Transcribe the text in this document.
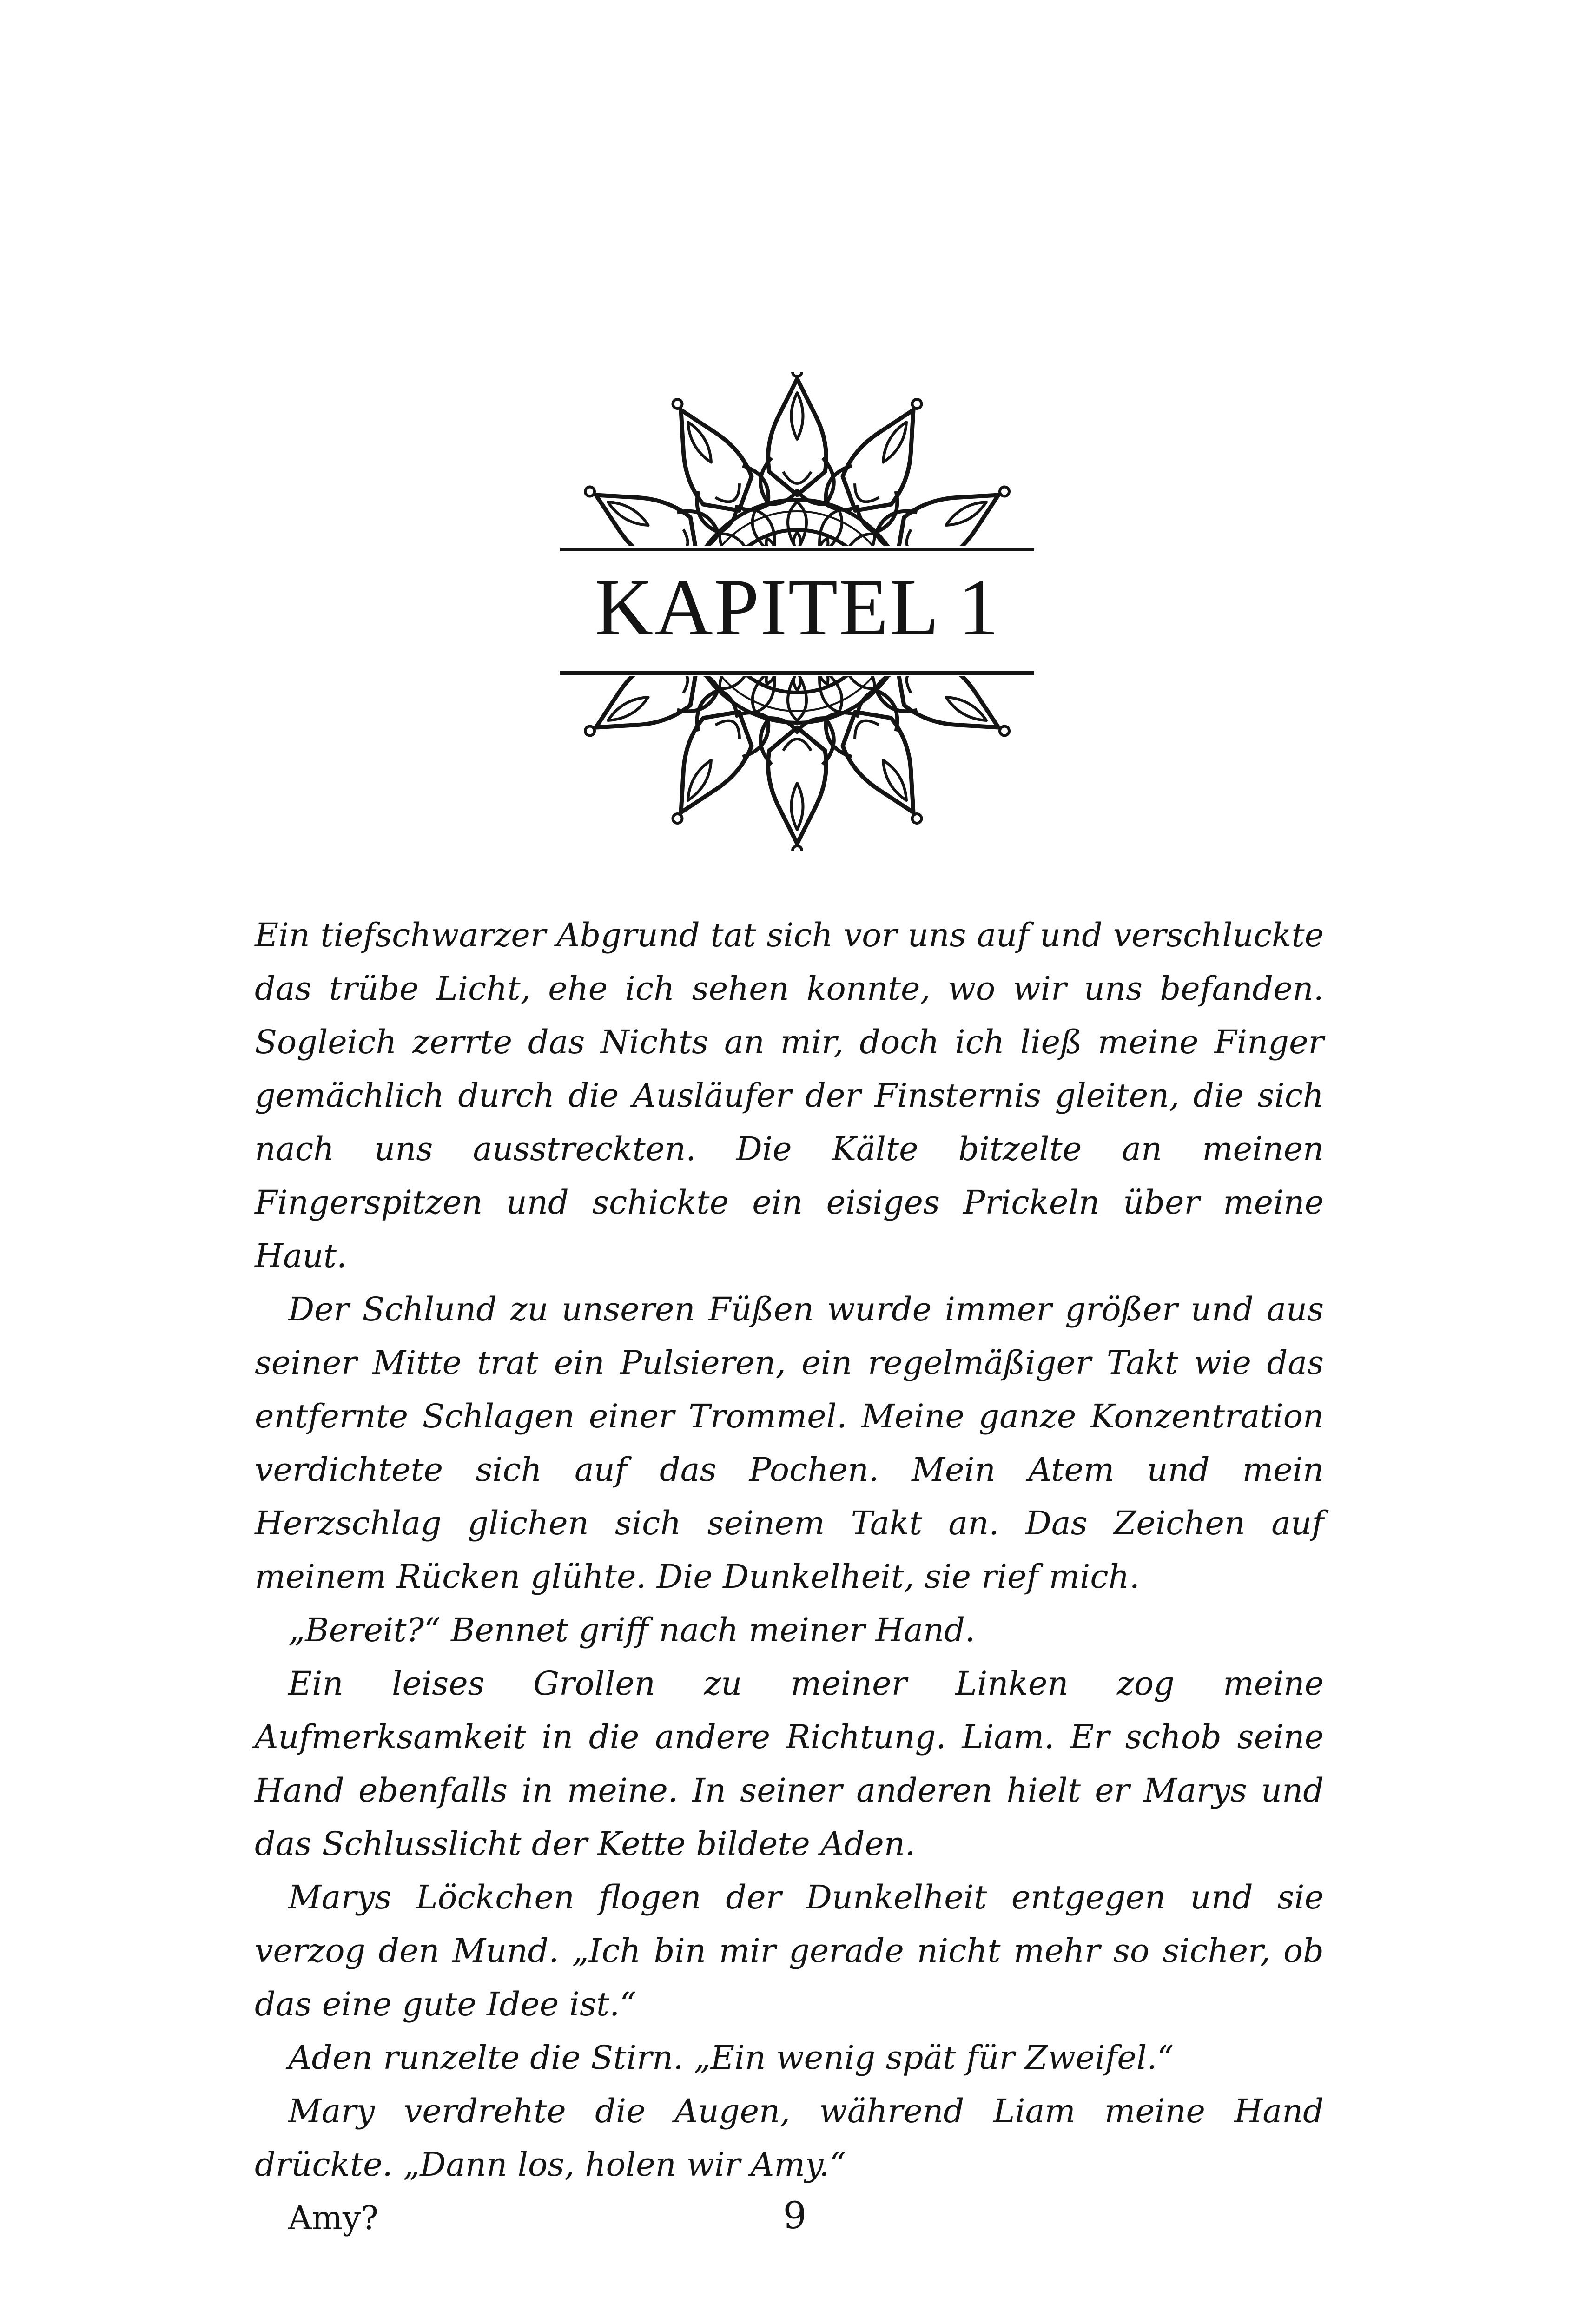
KAPITEL 1

Ein tiefschwarzer Abgrund tat sich vor uns auf und verschluckte das trübe Licht, ehe ich sehen konnte, wo wir uns befanden. Sogleich zerrte das Nichts an mir, doch ich ließ meine Finger gemächlich durch die Ausläufer der Finsternis gleiten, die sich nach uns ausstreckten. Die Kälte bitzelte an meinen Fingerspitzen und schickte ein eisiges Prickeln über meine Haut.

Der Schlund zu unseren Füßen wurde immer größer und aus seiner Mitte trat ein Pulsieren, ein regelmäßiger Takt wie das entfernte Schlagen einer Trommel. Meine ganze Konzentration verdichtete sich auf das Pochen. Mein Atem und mein Herzschlag glichen sich seinem Takt an. Das Zeichen auf meinem Rücken glühte. Die Dunkelheit, sie rief mich.

„Bereit?“ Bennet griff nach meiner Hand.

Ein leises Grollen zu meiner Linken zog meine Aufmerksamkeit in die andere Richtung. Liam. Er schob seine Hand ebenfalls in meine. In seiner anderen hielt er Marys und das Schlusslicht der Kette bildete Aden.

Marys Löckchen flogen der Dunkelheit entgegen und sie verzog den Mund. „Ich bin mir gerade nicht mehr so sicher, ob das eine gute Idee ist.“

Aden runzelte die Stirn. „Ein wenig spät für Zweifel.“

Mary verdrehte die Augen, während Liam meine Hand drückte. „Dann los, holen wir Amy.“

Amy?	9
